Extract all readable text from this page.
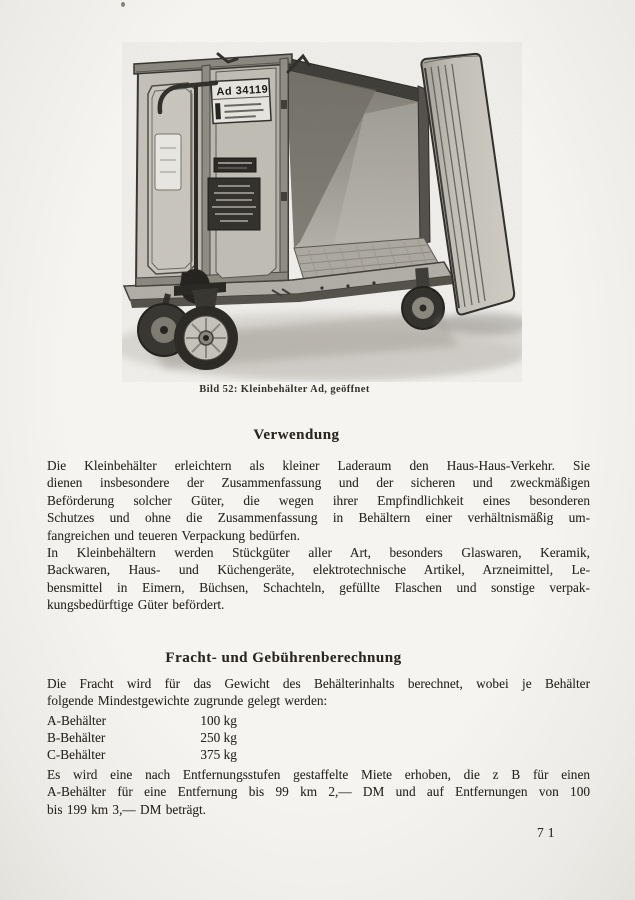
Bild 52: Kleinbehälter Ad, geöffnet
Verwendung
Die Kleinbehälter erleichtern als kleiner Laderaum den Haus-Haus-Verkehr. Sie
dienen insbesondere der Zusammenfassung und der sicheren und zweckmäßigen
Beförderung solcher Güter, die wegen ihrer Empfindlichkeit eines besonderen
Schutzes und ohne die Zusammenfassung in Behältern einer verhältnismäßig um-
fangreichen und teueren Verpackung bedürfen.
In Kleinbehältern werden Stückgüter aller Art, besonders Glaswaren, Keramik,
Backwaren, Haus- und Küchengeräte, elektrotechnische Artikel, Arzneimittel, Le-
bensmittel in Eimern, Büchsen, Schachteln, gefüllte Flaschen und sonstige verpak-
kungsbedürftige Güter befördert.
Fracht- und Gebührenberechnung
Die Fracht wird für das Gewicht des Behälterinhalts berechnet, wobei je Behälter
folgende Mindestgewichte zugrunde gelegt werden:
A-Behälter	100 kg
B-Behälter	250 kg
C-Behälter	375 kg
Es wird eine nach Entfernungsstufen gestaffelte Miete erhoben, die z B für einen
A-Behälter für eine Entfernung bis 99 km 2,— DM und auf Entfernungen von 100
bis 199 km 3,— DM beträgt.
71
